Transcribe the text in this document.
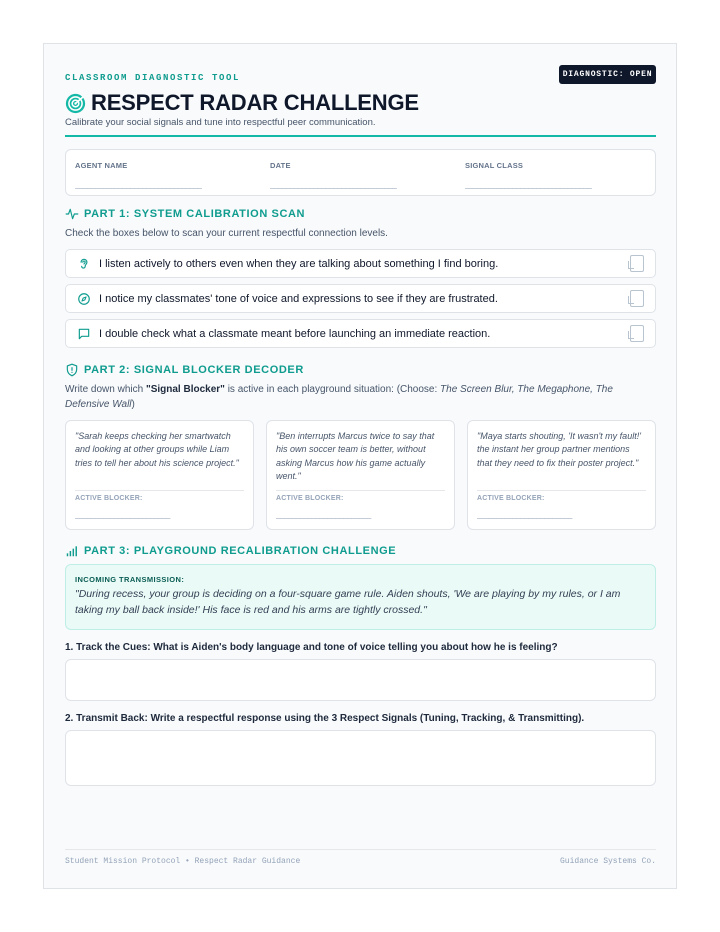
CLASSROOM DIAGNOSTIC TOOL	DIAGNOSTIC: OPEN
RESPECT RADAR CHALLENGE
Calibrate your social signals and tune into respectful peer communication.
AGENT NAME
________________________________
DATE
________________________________
SIGNAL CLASS
________________________________
PART 1: SYSTEM CALIBRATION SCAN
Check the boxes below to scan your current respectful connection levels.
I listen actively to others even when they are talking about something I find boring.
I notice my classmates' tone of voice and expressions to see if they are frustrated.
I double check what a classmate meant before launching an immediate reaction.
PART 2: SIGNAL BLOCKER DECODER
Write down which "Signal Blocker" is active in each playground situation: (Choose: The Screen Blur, The Megaphone, The Defensive Wall)
"Sarah keeps checking her smartwatch and looking at other groups while Liam tries to tell her about his science project."
ACTIVE BLOCKER:
________________________
"Ben interrupts Marcus twice to say that his own soccer team is better, without asking Marcus how his game actually went."
ACTIVE BLOCKER:
________________________
"Maya starts shouting, 'It wasn't my fault!' the instant her group partner mentions that they need to fix their poster project."
ACTIVE BLOCKER:
________________________
PART 3: PLAYGROUND RECALIBRATION CHALLENGE
INCOMING TRANSMISSION:
"During recess, your group is deciding on a four-square game rule. Aiden shouts, 'We are playing by my rules, or I am taking my ball back inside!' His face is red and his arms are tightly crossed."
1. Track the Cues: What is Aiden's body language and tone of voice telling you about how he is feeling?
2. Transmit Back: Write a respectful response using the 3 Respect Signals (Tuning, Tracking, & Transmitting).
Student Mission Protocol • Respect Radar Guidance	Guidance Systems Co.
